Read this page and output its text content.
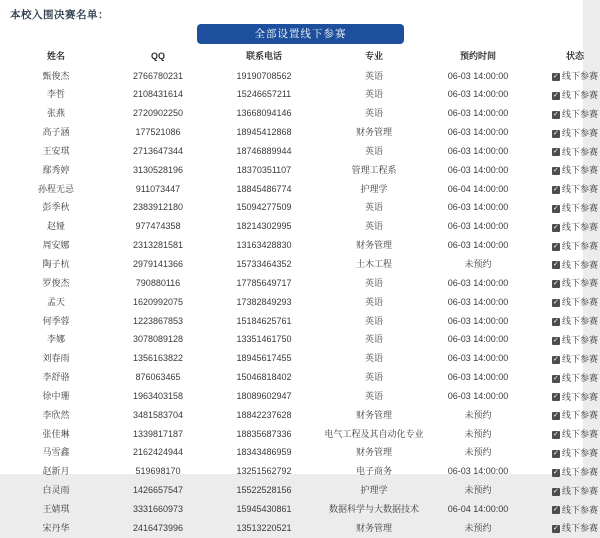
本校入围决赛名单：
全部设置线下参赛
姓名	QQ	联系电话	专业	预约时间	状态
甄俊杰	2766780231	19190708562	英语	06-03 14:00:00	✓ 线下参赛

李哲	2108431614	15246657211	英语	06-03 14:00:00	✓ 线下参赛

张燕	2720902250	13668094146	英语	06-03 14:00:00	✓ 线下参赛

高子涵	177521086	18945412868	财务管理	06-03 14:00:00	✓ 线下参赛

王安琪	2713647344	18746889944	英语	06-03 14:00:00	✓ 线下参赛

鄢秀婷	3130528196	18370351107	管理工程系	06-03 14:00:00	✓ 线下参赛

孙程无忌	911073447	18845486774	护理学	06-04 14:00:00	✓ 线下参赛

彭季秋	2383912180	15094277509	英语	06-03 14:00:00	✓ 线下参赛

赵娅	977474358	18214302995	英语	06-03 14:00:00	✓ 线下参赛

周安娜	2313281581	13163428830	财务管理	06-03 14:00:00	✓ 线下参赛

陶子杭	2979141366	15733464352	土木工程	未预约	✓ 线下参赛

罗俊杰	790880116	17785649717	英语	06-03 14:00:00	✓ 线下参赛

孟天	1620992075	17382849293	英语	06-03 14:00:00	✓ 线下参赛

何季蓉	1223867853	15184625761	英语	06-03 14:00:00	✓ 线下参赛

李娜	3078089128	13351461750	英语	06-03 14:00:00	✓ 线下参赛

刘春雨	1356163822	18945617455	英语	06-03 14:00:00	✓ 线下参赛

李舒骆	876063465	15046818402	英语	06-03 14:00:00	✓ 线下参赛

徐中珊	1963403158	18089602947	英语	06-03 14:00:00	✓ 线下参赛

李欣然	3481583704	18842237628	财务管理	未预约	✓ 线下参赛

张佳琳	1339817187	18835687336	电气工程及其自动化专业	未预约	✓ 线下参赛

马雪鑫	2162424944	18343486959	财务管理	未预约	✓ 线下参赛

赵新月	519698170	13251562792	电子商务	06-03 14:00:00	✓ 线下参赛

白灵雨	1426657547	15522528156	护理学	未预约	✓ 线下参赛

王婧琪	3331660973	15945430861	数据科学与大数据技术	06-04 14:00:00	✓ 线下参赛

宋丹华	2416473996	13513220521	财务管理	未预约	✓ 线下参赛
